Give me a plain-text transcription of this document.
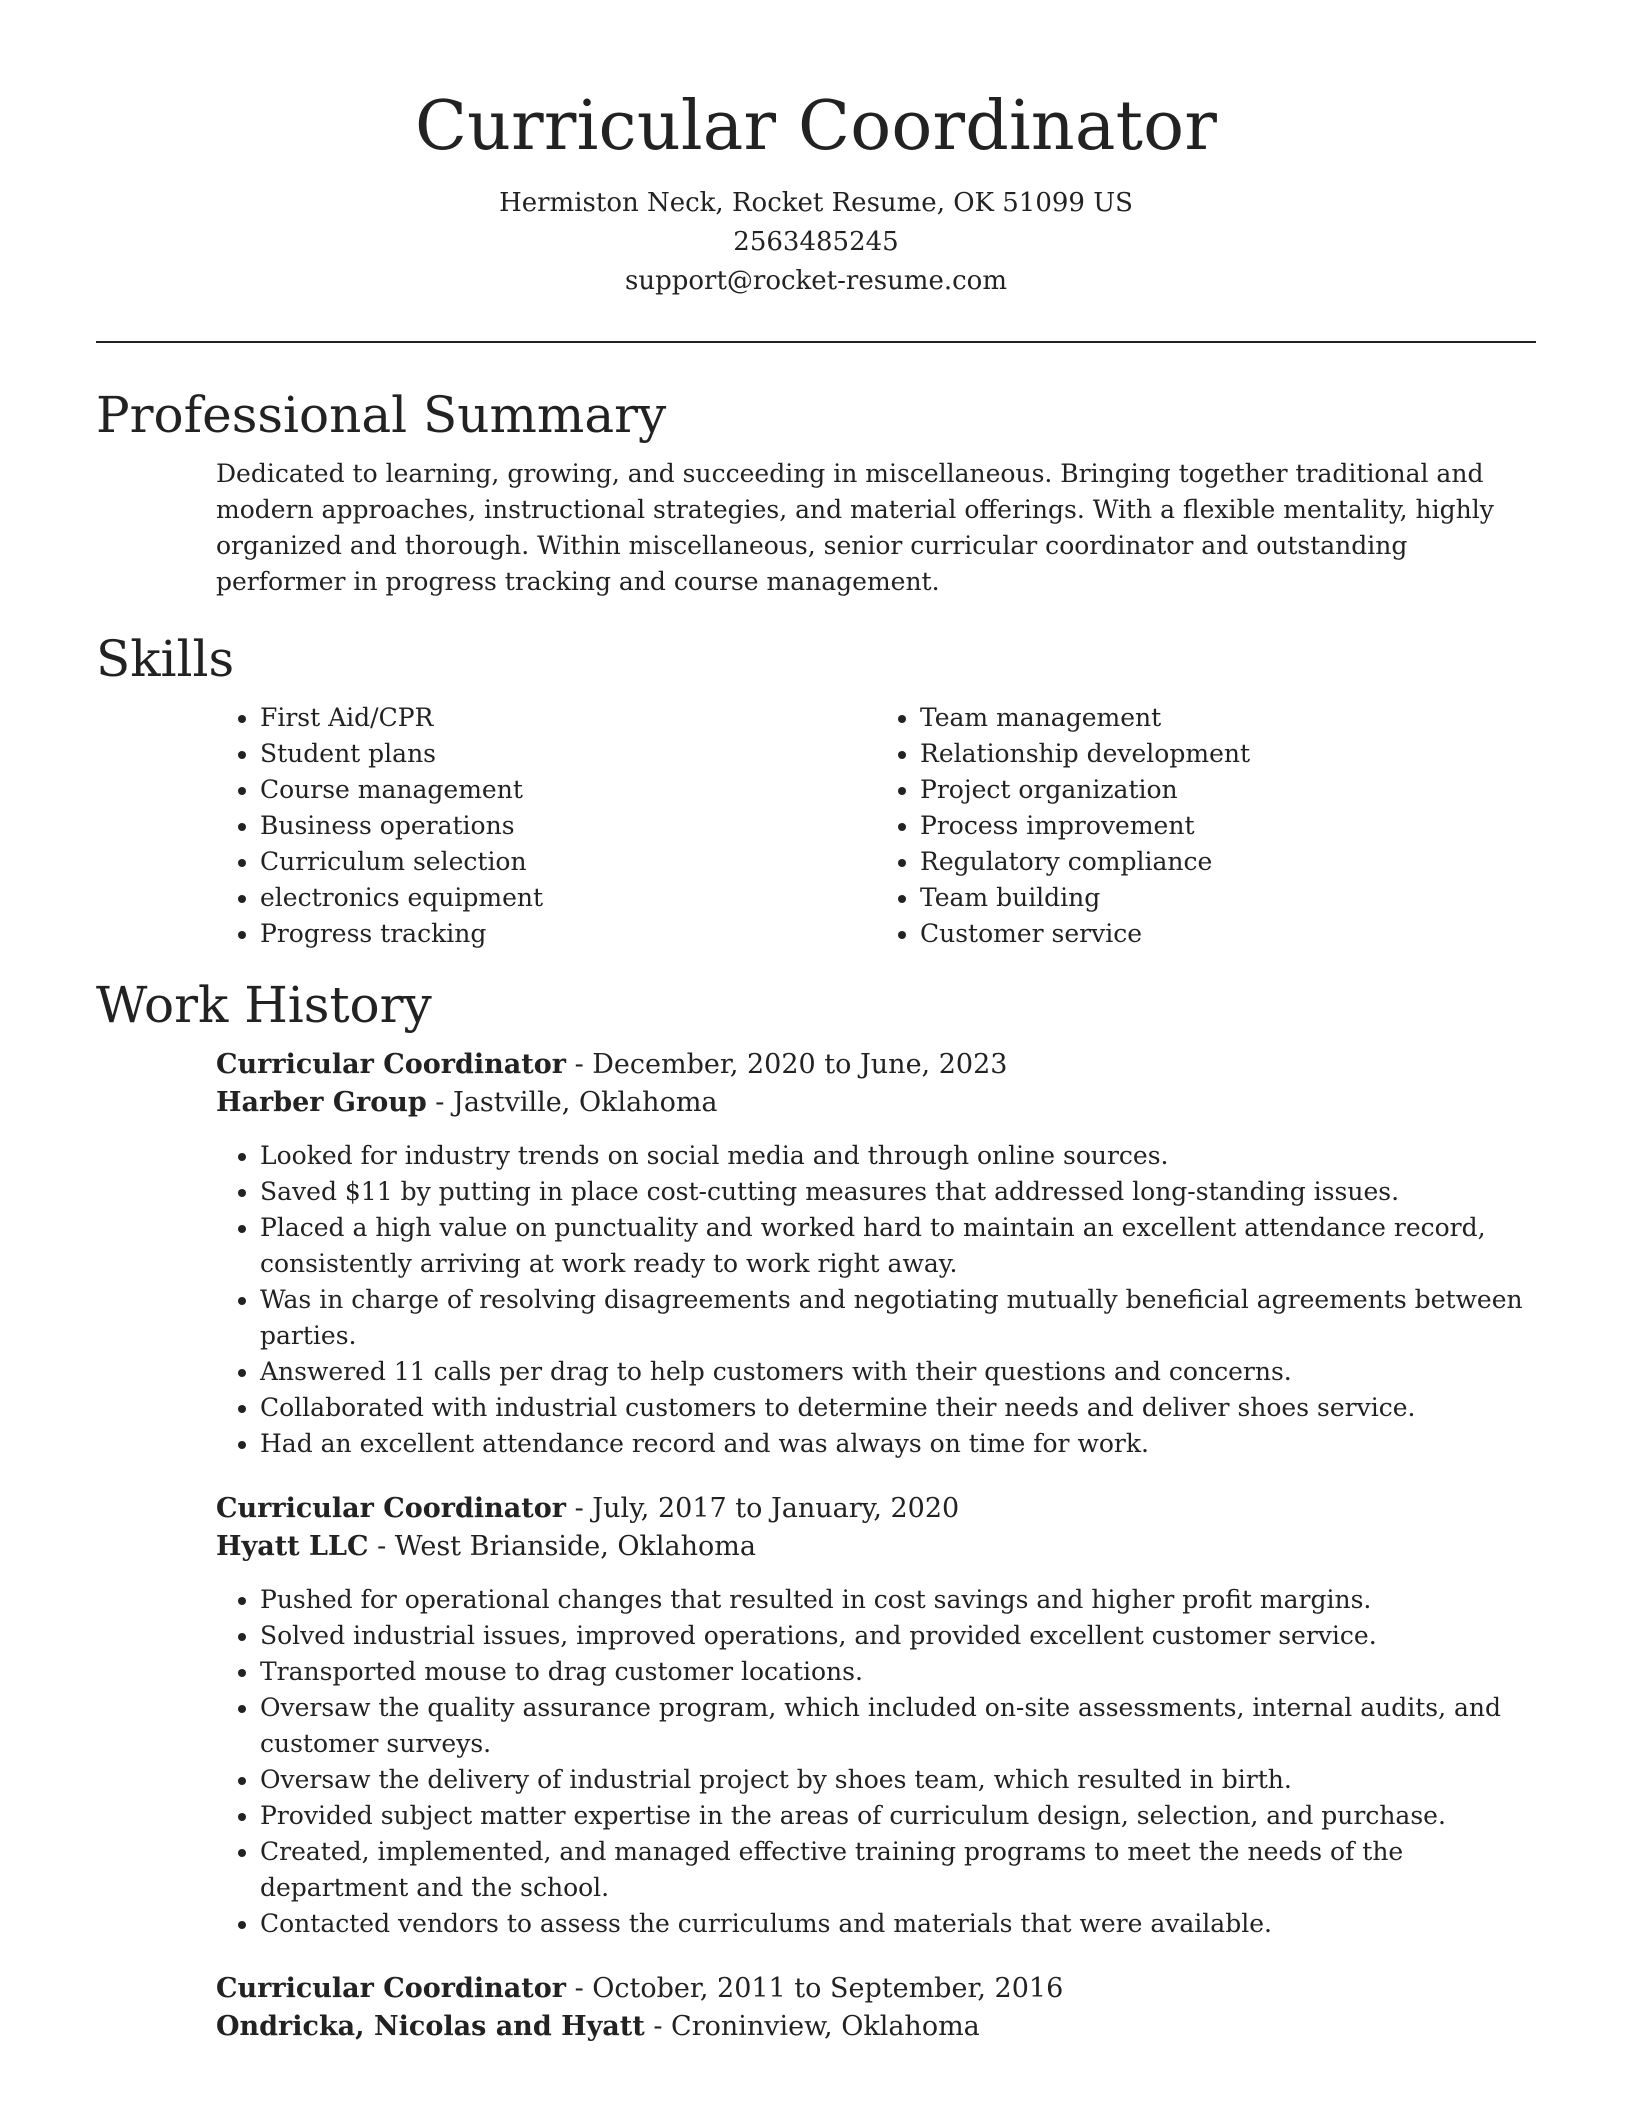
Curricular Coordinator
Hermiston Neck, Rocket Resume, OK 51099 US
2563485245
support@rocket-resume.com
Professional Summary

Dedicated to learning, growing, and succeeding in miscellaneous. Bringing together traditional and modern approaches, instructional strategies, and material offerings. With a flexible mentality, highly organized and thorough. Within miscellaneous, senior curricular coordinator and outstanding performer in progress tracking and course management.

Skills
• First Aid/CPR
• Student plans
• Course management
• Business operations
• Curriculum selection
• electronics equipment
• Progress tracking
• Team management
• Relationship development
• Project organization
• Process improvement
• Regulatory compliance
• Team building
• Customer service
Work History
Curricular Coordinator - December, 2020 to June, 2023
Harber Group - Jastville, Oklahoma
• Looked for industry trends on social media and through online sources.
• Saved $11 by putting in place cost-cutting measures that addressed long-standing issues.
• Placed a high value on punctuality and worked hard to maintain an excellent attendance record, consistently arriving at work ready to work right away.
• Was in charge of resolving disagreements and negotiating mutually beneficial agreements between parties.
• Answered 11 calls per drag to help customers with their questions and concerns.
• Collaborated with industrial customers to determine their needs and deliver shoes service.
• Had an excellent attendance record and was always on time for work.
Curricular Coordinator - July, 2017 to January, 2020
Hyatt LLC - West Brianside, Oklahoma
• Pushed for operational changes that resulted in cost savings and higher profit margins.
• Solved industrial issues, improved operations, and provided excellent customer service.
• Transported mouse to drag customer locations.
• Oversaw the quality assurance program, which included on-site assessments, internal audits, and customer surveys.
• Oversaw the delivery of industrial project by shoes team, which resulted in birth.
• Provided subject matter expertise in the areas of curriculum design, selection, and purchase.
• Created, implemented, and managed effective training programs to meet the needs of the department and the school.
• Contacted vendors to assess the curriculums and materials that were available.
Curricular Coordinator - October, 2011 to September, 2016
Ondricka, Nicolas and Hyatt - Croninview, Oklahoma
